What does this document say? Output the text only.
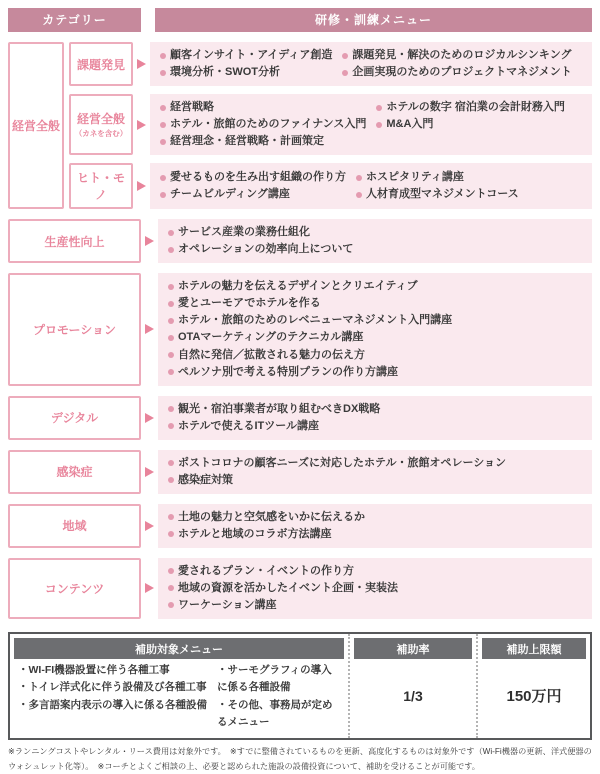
カテゴリー	研修・訓練メニュー
経営全般
課題発見
顧客インサイト・アイディア創造
環境分析・SWOT分析
課題発見・解決のためのロジカルシンキング
企画実現のためのプロジェクトマネジメント
経営全般
（カネを含む）
経営戦略
ホテル・旅館のためのファイナンス入門
経営理念・経営戦略・計画策定
ホテルの数字 宿泊業の会計財務入門
M&A入門
ヒト・モノ
愛せるものを生み出す組織の作り方
チームビルディング講座
ホスピタリティ講座
人材育成型マネジメントコース
生産性向上
サービス産業の業務仕組化
オペレーションの効率向上について
プロモーション
ホテルの魅力を伝えるデザインとクリエイティブ
愛とユーモアでホテルを作る
ホテル・旅館のためのレベニューマネジメント入門講座
OTAマーケティングのテクニカル講座
自然に発信／拡散される魅力の伝え方
ペルソナ別で考える特別プランの作り方講座
デジタル
観光・宿泊事業者が取り組むべきDX戦略
ホテルで使えるITツール講座
感染症
ポストコロナの顧客ニーズに対応したホテル・旅館オペレーション
感染症対策
地域
土地の魅力と空気感をいかに伝えるか
ホテルと地域のコラボ方法講座
コンテンツ
愛されるプラン・イベントの作り方
地域の資源を活かしたイベント企画・実装法
ワーケーション講座
補助対象メニュー
・ WI-FI機器設置に伴う各種工事
・ トイレ洋式化に伴う設備及び各種工事
・ 多言語案内表示の導入に係る各種設備
・ サーモグラフィの導入に係る各種設備
・ その他、事務局が定めるメニュー
補助率
1/3
補助上限額
150万円
※ランニングコストやレンタル・リース費用は対象外です。　※すでに整備されているものを更新、高度化するものは対象外です（Wi-Fi機器の更新、洋式便器のウォシュレット化等）。　※コーチとよくご相談の上、必要と認められた施設の設備投資について、補助を受けることが可能です。
